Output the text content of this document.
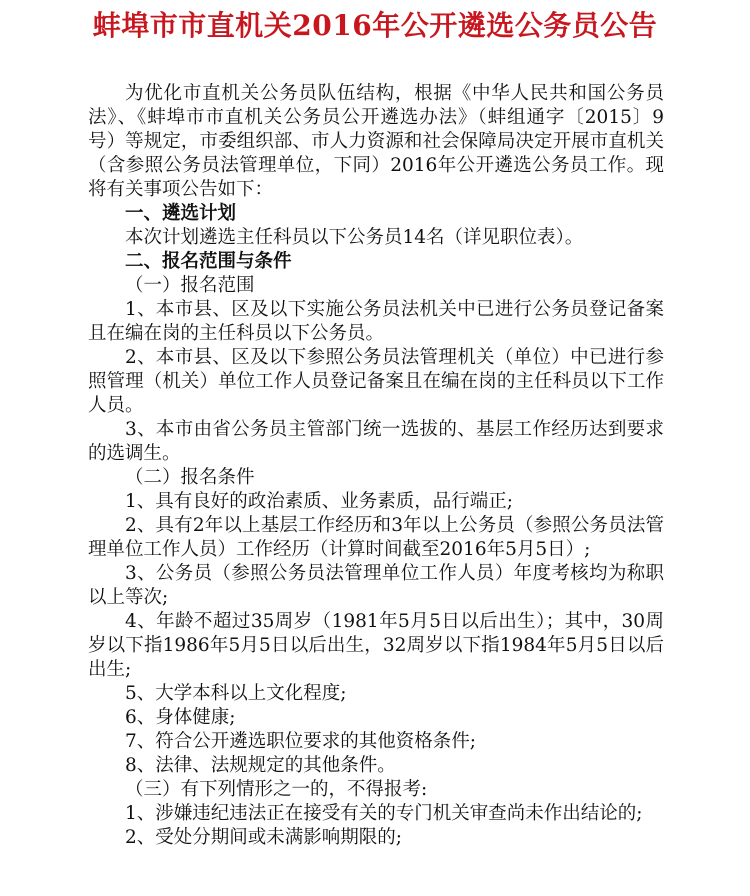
蚌埠市市直机关2016年公开遴选公务员公告

为优化市直机关公务员队伍结构，根据《中华人民共和国公务员法》、《蚌埠市市直机关公务员公开遴选办法》（蚌组通字〔2015〕9号）等规定，市委组织部、市人力资源和社会保障局决定开展市直机关（含参照公务员法管理单位，下同）2016年公开遴选公务员工作。现将有关事项公告如下：

一、遴选计划

本次计划遴选主任科员以下公务员14名（详见职位表）。

二、报名范围与条件

（一）报名范围

1、本市县、区及以下实施公务员法机关中已进行公务员登记备案且在编在岗的主任科员以下公务员。

2、本市县、区及以下参照公务员法管理机关（单位）中已进行参照管理（机关）单位工作人员登记备案且在编在岗的主任科员以下工作人员。

3、本市由省公务员主管部门统一选拔的、基层工作经历达到要求的选调生。

（二）报名条件

1、具有良好的政治素质、业务素质，品行端正;

2、具有2年以上基层工作经历和3年以上公务员（参照公务员法管理单位工作人员）工作经历（计算时间截至2016年5月5日）;

3、公务员（参照公务员法管理单位工作人员）年度考核均为称职以上等次;

4、年龄不超过35周岁（1981年5月5日以后出生）；其中，30周岁以下指1986年5月5日以后出生，32周岁以下指1984年5月5日以后出生;

5、大学本科以上文化程度;

6、身体健康;

7、符合公开遴选职位要求的其他资格条件;

8、法律、法规规定的其他条件。

（三）有下列情形之一的，不得报考:

1、涉嫌违纪违法正在接受有关的专门机关审查尚未作出结论的;

2、受处分期间或未满影响期限的;
